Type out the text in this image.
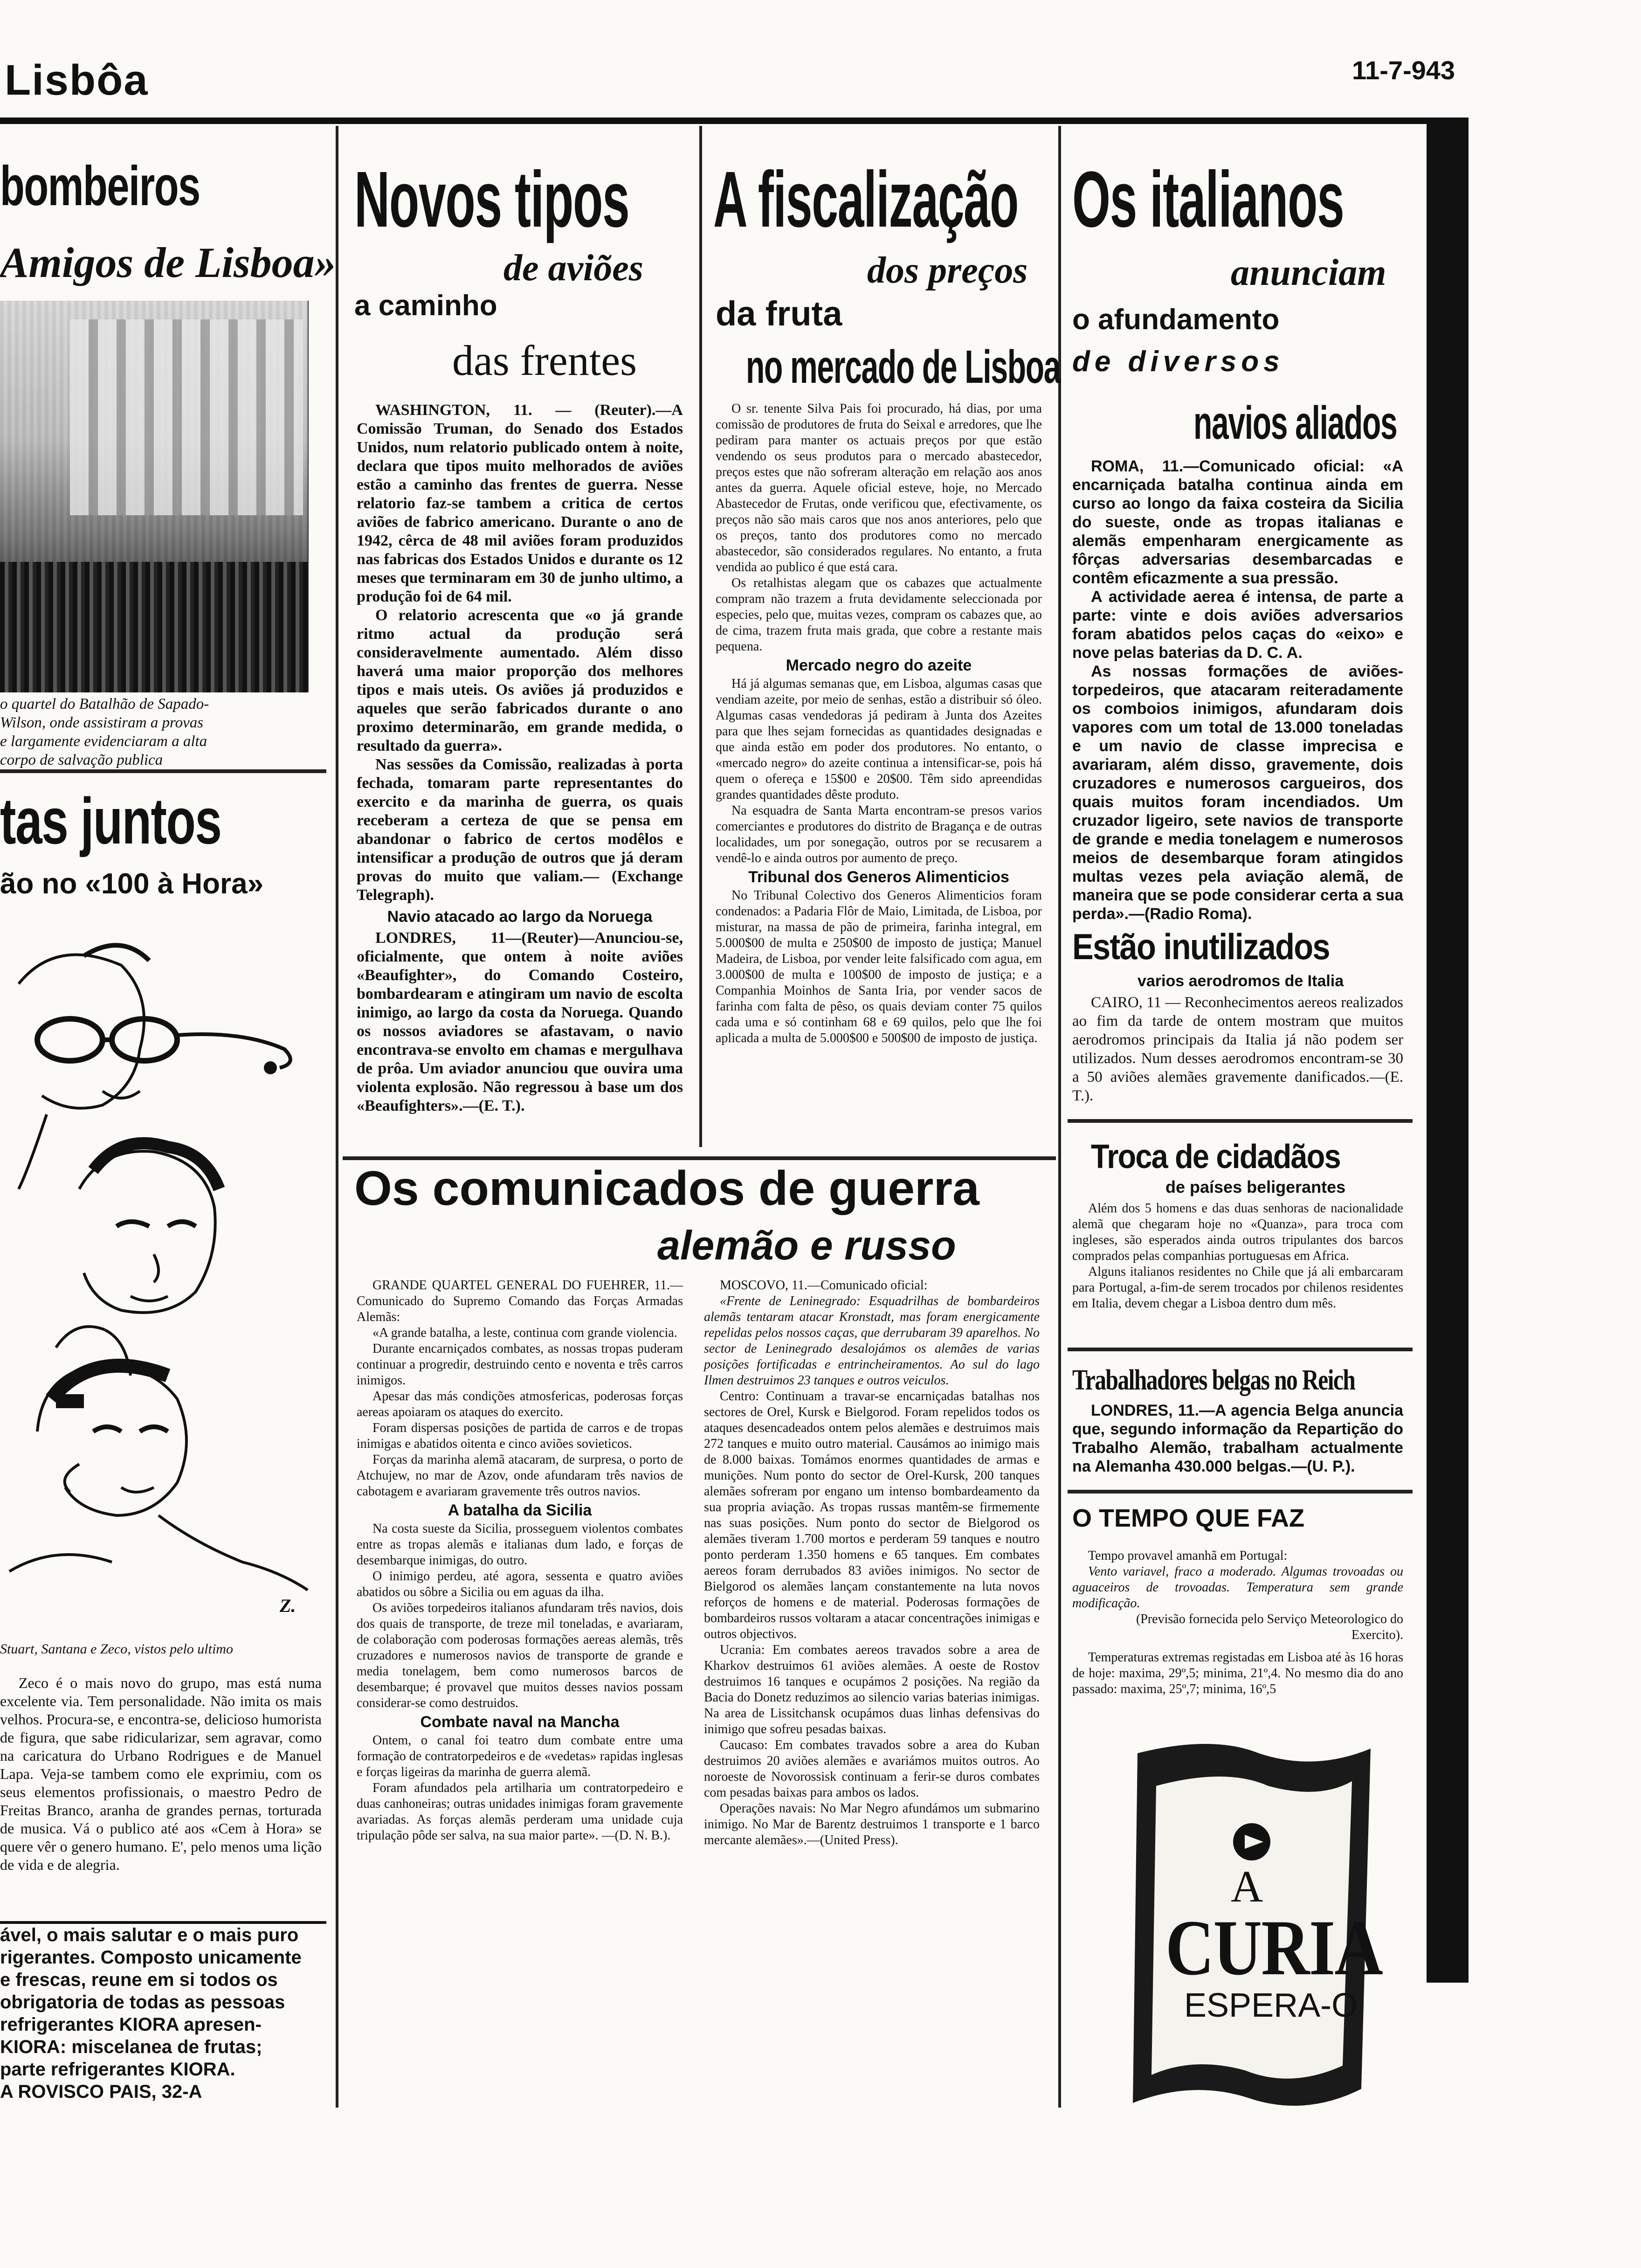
Lisbôa	11-7-943
bombeiros
Amigos de Lisboa»
o quartel do Batalhão de Sapado-
Wilson, onde assistiram a provas
e largamente evidenciaram a alta
corpo de salvação publica
tas juntos
ão no «100 à Hora»
Z.
Stuart, Santana e Zeco, vistos pelo ultimo

Zeco é o mais novo do grupo, mas está numa excelente via. Tem personalidade. Não imita os mais velhos. Procura-se, e encontra-se, delicioso humorista de figura, que sabe ridicularizar, sem agravar, como na caricatura do Urbano Rodrigues e de Manuel Lapa. Veja-se tambem como ele exprimiu, com os seus elementos profissionais, o maestro Pedro de Freitas Branco, aranha de grandes pernas, torturada de musica. Vá o publico até aos «Cem à Hora» se quere vêr o genero humano. E', pelo menos uma lição de vida e de alegria.

ável, o mais salutar e o mais puro
rigerantes. Composto unicamente
e frescas, reune em si todos os
obrigatoria de todas as pessoas
refrigerantes KIORA apresen-
KIORA: miscelanea de frutas;
parte refrigerantes KIORA.
A ROVISCO PAIS, 32-A
Novos tipos
de aviões
a caminho
das frentes

WASHINGTON, 11. — (Reuter).—A Comissão Truman, do Senado dos Estados Unidos, num relatorio publicado ontem à noite, declara que tipos muito melhorados de aviões estão a caminho das frentes de guerra. Nesse relatorio faz-se tambem a critica de certos aviões de fabrico americano. Durante o ano de 1942, cêrca de 48 mil aviões foram produzidos nas fabricas dos Estados Unidos e durante os 12 meses que terminaram em 30 de junho ultimo, a produção foi de 64 mil.

O relatorio acrescenta que «o já grande ritmo actual da produção será consideravelmente aumentado. Além disso haverá uma maior proporção dos melhores tipos e mais uteis. Os aviões já produzidos e aqueles que serão fabricados durante o ano proximo determinarão, em grande medida, o resultado da guerra».

Nas sessões da Comissão, realizadas à porta fechada, tomaram parte representantes do exercito e da marinha de guerra, os quais receberam a certeza de que se pensa em abandonar o fabrico de certos modêlos e intensificar a produção de outros que já deram provas do muito que valiam.— (Exchange Telegraph).

Navio atacado ao largo da Noruega

LONDRES, 11—(Reuter)—Anunciou-se, oficialmente, que ontem à noite aviões «Beaufighter», do Comando Costeiro, bombardearam e atingiram um navio de escolta inimigo, ao largo da costa da Noruega. Quando os nossos aviadores se afastavam, o navio encontrava-se envolto em chamas e mergulhava de prôa. Um aviador anunciou que ouvira uma violenta explosão. Não regressou à base um dos «Beaufighters».—(E. T.).

A fiscalização
dos preços
da fruta
no mercado de Lisboa

O sr. tenente Silva Pais foi procurado, há dias, por uma comissão de produtores de fruta do Seixal e arredores, que lhe pediram para manter os actuais preços por que estão vendendo os seus produtos para o mercado abastecedor, preços estes que não sofreram alteração em relação aos anos antes da guerra. Aquele oficial esteve, hoje, no Mercado Abastecedor de Frutas, onde verificou que, efectivamente, os preços não são mais caros que nos anos anteriores, pelo que os preços, tanto dos produtores como no mercado abastecedor, são considerados regulares. No entanto, a fruta vendida ao publico é que está cara.

Os retalhistas alegam que os cabazes que actualmente compram não trazem a fruta devidamente seleccionada por especies, pelo que, muitas vezes, compram os cabazes que, ao de cima, trazem fruta mais grada, que cobre a restante mais pequena.

Mercado negro do azeite

Há já algumas semanas que, em Lisboa, algumas casas que vendiam azeite, por meio de senhas, estão a distribuir só óleo. Algumas casas vendedoras já pediram à Junta dos Azeites para que lhes sejam fornecidas as quantidades designadas e que ainda estão em poder dos produtores. No entanto, o «mercado negro» do azeite continua a intensificar-se, pois há quem o ofereça e 15$00 e 20$00. Têm sido apreendidas grandes quantidades dêste produto.

Na esquadra de Santa Marta encontram-se presos varios comerciantes e produtores do distrito de Bragança e de outras localidades, um por sonegação, outros por se recusarem a vendê-lo e ainda outros por aumento de preço.

Tribunal dos Generos Alimenticios

No Tribunal Colectivo dos Generos Alimenticios foram condenados: a Padaria Flôr de Maio, Limitada, de Lisboa, por misturar, na massa de pão de primeira, farinha integral, em 5.000$00 de multa e 250$00 de imposto de justiça; Manuel Madeira, de Lisboa, por vender leite falsificado com agua, em 3.000$00 de multa e 100$00 de imposto de justiça; e a Companhia Moinhos de Santa Iria, por vender sacos de farinha com falta de pêso, os quais deviam conter 75 quilos cada uma e só continham 68 e 69 quilos, pelo que lhe foi aplicada a multa de 5.000$00 e 500$00 de imposto de justiça.

Os italianos
anunciam
o afundamento
de diversos
navios aliados

ROMA, 11.—Comunicado oficial: «A encarniçada batalha continua ainda em curso ao longo da faixa costeira da Sicilia do sueste, onde as tropas italianas e alemãs empenharam energicamente as fôrças adversarias desembarcadas e contêm eficazmente a sua pressão.

A actividade aerea é intensa, de parte a parte: vinte e dois aviões adversarios foram abatidos pelos caças do «eixo» e nove pelas baterias da D. C. A.

As nossas formações de aviões-torpedeiros, que atacaram reiteradamente os comboios inimigos, afundaram dois vapores com um total de 13.000 toneladas e um navio de classe imprecisa e avariaram, além disso, gravemente, dois cruzadores e numerosos cargueiros, dos quais muitos foram incendiados. Um cruzador ligeiro, sete navios de transporte de grande e media tonelagem e numerosos meios de desembarque foram atingidos multas vezes pela aviação alemã, de maneira que se pode considerar certa a sua perda».—(Radio Roma).

Estão inutilizados
varios aerodromos de Italia

CAIRO, 11 — Reconhecimentos aereos realizados ao fim da tarde de ontem mostram que muitos aerodromos principais da Italia já não podem ser utilizados. Num desses aerodromos encontram-se 30 a 50 aviões alemães gravemente danificados.—(E. T.).

Troca de cidadãos
de países beligerantes

Além dos 5 homens e das duas senhoras de nacionalidade alemã que chegaram hoje no «Quanza», para troca com ingleses, são esperados ainda outros tripulantes dos barcos comprados pelas companhias portuguesas em Africa.

Alguns italianos residentes no Chile que já ali embarcaram para Portugal, a-fim-de serem trocados por chilenos residentes em Italia, devem chegar a Lisboa dentro dum mês.

Trabalhadores belgas no Reich

LONDRES, 11.—A agencia Belga anuncia que, segundo informação da Repartição do Trabalho Alemão, trabalham actualmente na Alemanha 430.000 belgas.—(U. P.).

O TEMPO QUE FAZ

Tempo provavel amanhã em Portugal:

Vento variavel, fraco a moderado. Algumas trovoadas ou aguaceiros de trovoadas. Temperatura sem grande modificação.

(Previsão fornecida pelo Serviço Meteorologico do Exercito).

Temperaturas extremas registadas em Lisboa até às 16 horas de hoje: maxima, 29º,5; minima, 21º,4. No mesmo dia do ano passado: maxima, 25º,7; minima, 16º,5

A
CURIA
ESPERA-O
Os comunicados de guerra
alemão e russo

GRANDE QUARTEL GENERAL DO FUEHRER, 11.—Comunicado do Supremo Comando das Forças Armadas Alemãs:

«A grande batalha, a leste, continua com grande violencia.

Durante encarniçados combates, as nossas tropas puderam continuar a progredir, destruindo cento e noventa e três carros inimigos.

Apesar das más condições atmosfericas, poderosas forças aereas apoiaram os ataques do exercito.

Foram dispersas posições de partida de carros e de tropas inimigas e abatidos oitenta e cinco aviões sovieticos.

Forças da marinha alemã atacaram, de surpresa, o porto de Atchujew, no mar de Azov, onde afundaram três navios de cabotagem e avariaram gravemente três outros navios.

A batalha da Sicilia

Na costa sueste da Sicilia, prosseguem violentos combates entre as tropas alemãs e italianas dum lado, e forças de desembarque inimigas, do outro.

O inimigo perdeu, até agora, sessenta e quatro aviões abatidos ou sôbre a Sicilia ou em aguas da ilha.

Os aviões torpedeiros italianos afundaram três navios, dois dos quais de transporte, de treze mil toneladas, e avariaram, de colaboração com poderosas formações aereas alemãs, três cruzadores e numerosos navios de transporte de grande e media tonelagem, bem como numerosos barcos de desembarque; é provavel que muitos desses navios possam considerar-se como destruidos.

Combate naval na Mancha

Ontem, o canal foi teatro dum combate entre uma formação de contratorpedeiros e de «vedetas» rapidas inglesas e forças ligeiras da marinha de guerra alemã.

Foram afundados pela artilharia um contratorpedeiro e duas canhoneiras; outras unidades inimigas foram gravemente avariadas. As forças alemãs perderam uma unidade cuja tripulação pôde ser salva, na sua maior parte». —(D. N. B.).

MOSCOVO, 11.—Comunicado oficial:

«Frente de Leninegrado: Esquadrilhas de bombardeiros alemãs tentaram atacar Kronstadt, mas foram energicamente repelidas pelos nossos caças, que derrubaram 39 aparelhos. No sector de Leninegrado desalojámos os alemães de varias posições fortificadas e entrincheiramentos. Ao sul do lago Ilmen destruimos 23 tanques e outros veiculos.

Centro: Continuam a travar-se encarniçadas batalhas nos sectores de Orel, Kursk e Bielgorod. Foram repelidos todos os ataques desencadeados ontem pelos alemães e destruimos mais 272 tanques e muito outro material. Causámos ao inimigo mais de 8.000 baixas. Tomámos enormes quantidades de armas e munições. Num ponto do sector de Orel-Kursk, 200 tanques alemães sofreram por engano um intenso bombardeamento da sua propria aviação. As tropas russas mantêm-se firmemente nas suas posições. Num ponto do sector de Bielgorod os alemães tiveram 1.700 mortos e perderam 59 tanques e noutro ponto perderam 1.350 homens e 65 tanques. Em combates aereos foram derrubados 83 aviões inimigos. No sector de Bielgorod os alemães lançam constantemente na luta novos reforços de homens e de material. Poderosas formações de bombardeiros russos voltaram a atacar concentrações inimigas e outros objectivos.

Ucrania: Em combates aereos travados sobre a area de Kharkov destruimos 61 aviões alemães. A oeste de Rostov destruimos 16 tanques e ocupámos 2 posições. Na região da Bacia do Donetz reduzimos ao silencio varias baterias inimigas. Na area de Lissitchansk ocupámos duas linhas defensivas do inimigo que sofreu pesadas baixas.

Caucaso: Em combates travados sobre a area do Kuban destruimos 20 aviões alemães e avariámos muitos outros. Ao noroeste de Novorossisk continuam a ferir-se duros combates com pesadas baixas para ambos os lados.

Operações navais: No Mar Negro afundámos um submarino inimigo. No Mar de Barentz destruimos 1 transporte e 1 barco mercante alemães».—(United Press).
